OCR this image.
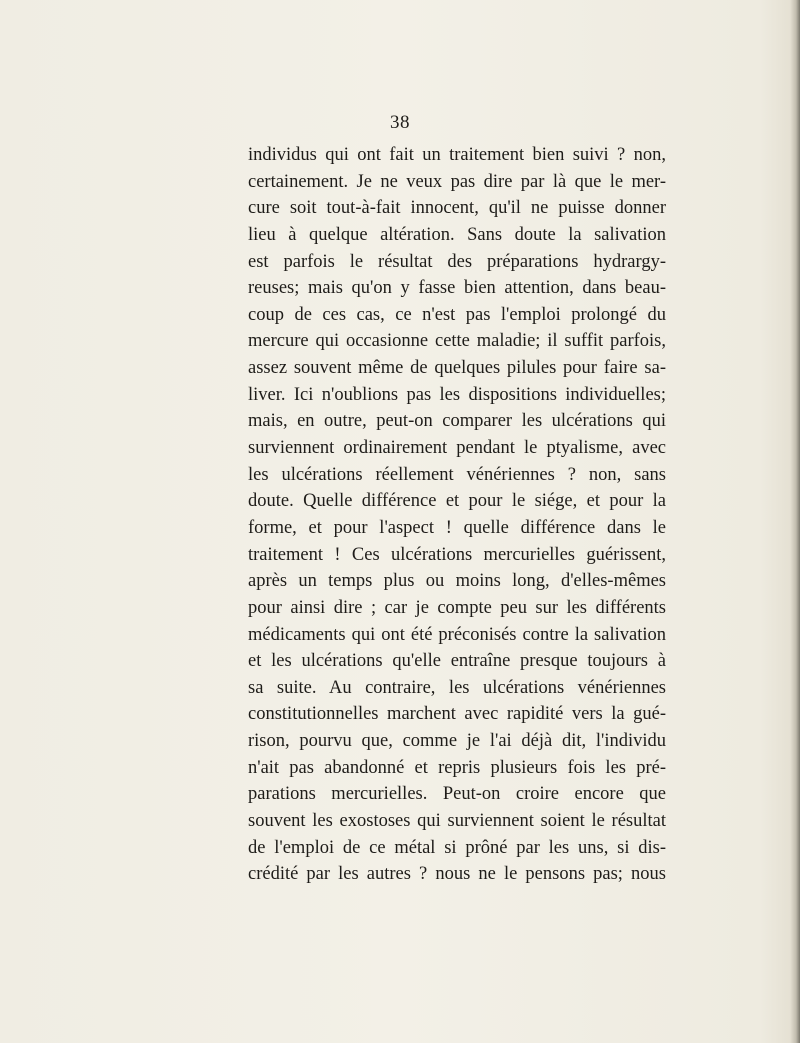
38
individus qui ont fait un traitement bien suivi ? non,
certainement. Je ne veux pas dire par là que le mer-
cure soit tout-à-fait innocent, qu'il ne puisse donner
lieu à quelque altération. Sans doute la salivation
est parfois le résultat des préparations hydrargy-
reuses; mais qu'on y fasse bien attention, dans beau-
coup de ces cas, ce n'est pas l'emploi prolongé du
mercure qui occasionne cette maladie; il suffit parfois,
assez souvent même de quelques pilules pour faire sa-
liver. Ici n'oublions pas les dispositions individuelles;
mais, en outre, peut-on comparer les ulcérations qui
surviennent ordinairement pendant le ptyalisme, avec
les ulcérations réellement vénériennes ? non, sans
doute. Quelle différence et pour le siége, et pour la
forme, et pour l'aspect ! quelle différence dans le
traitement ! Ces ulcérations mercurielles guérissent,
après un temps plus ou moins long, d'elles-mêmes
pour ainsi dire ; car je compte peu sur les différents
médicaments qui ont été préconisés contre la salivation
et les ulcérations qu'elle entraîne presque toujours à
sa suite. Au contraire, les ulcérations vénériennes
constitutionnelles marchent avec rapidité vers la gué-
rison, pourvu que, comme je l'ai déjà dit, l'individu
n'ait pas abandonné et repris plusieurs fois les pré-
parations mercurielles. Peut-on croire encore que
souvent les exostoses qui surviennent soient le résultat
de l'emploi de ce métal si prôné par les uns, si dis-
crédité par les autres ? nous ne le pensons pas; nous
